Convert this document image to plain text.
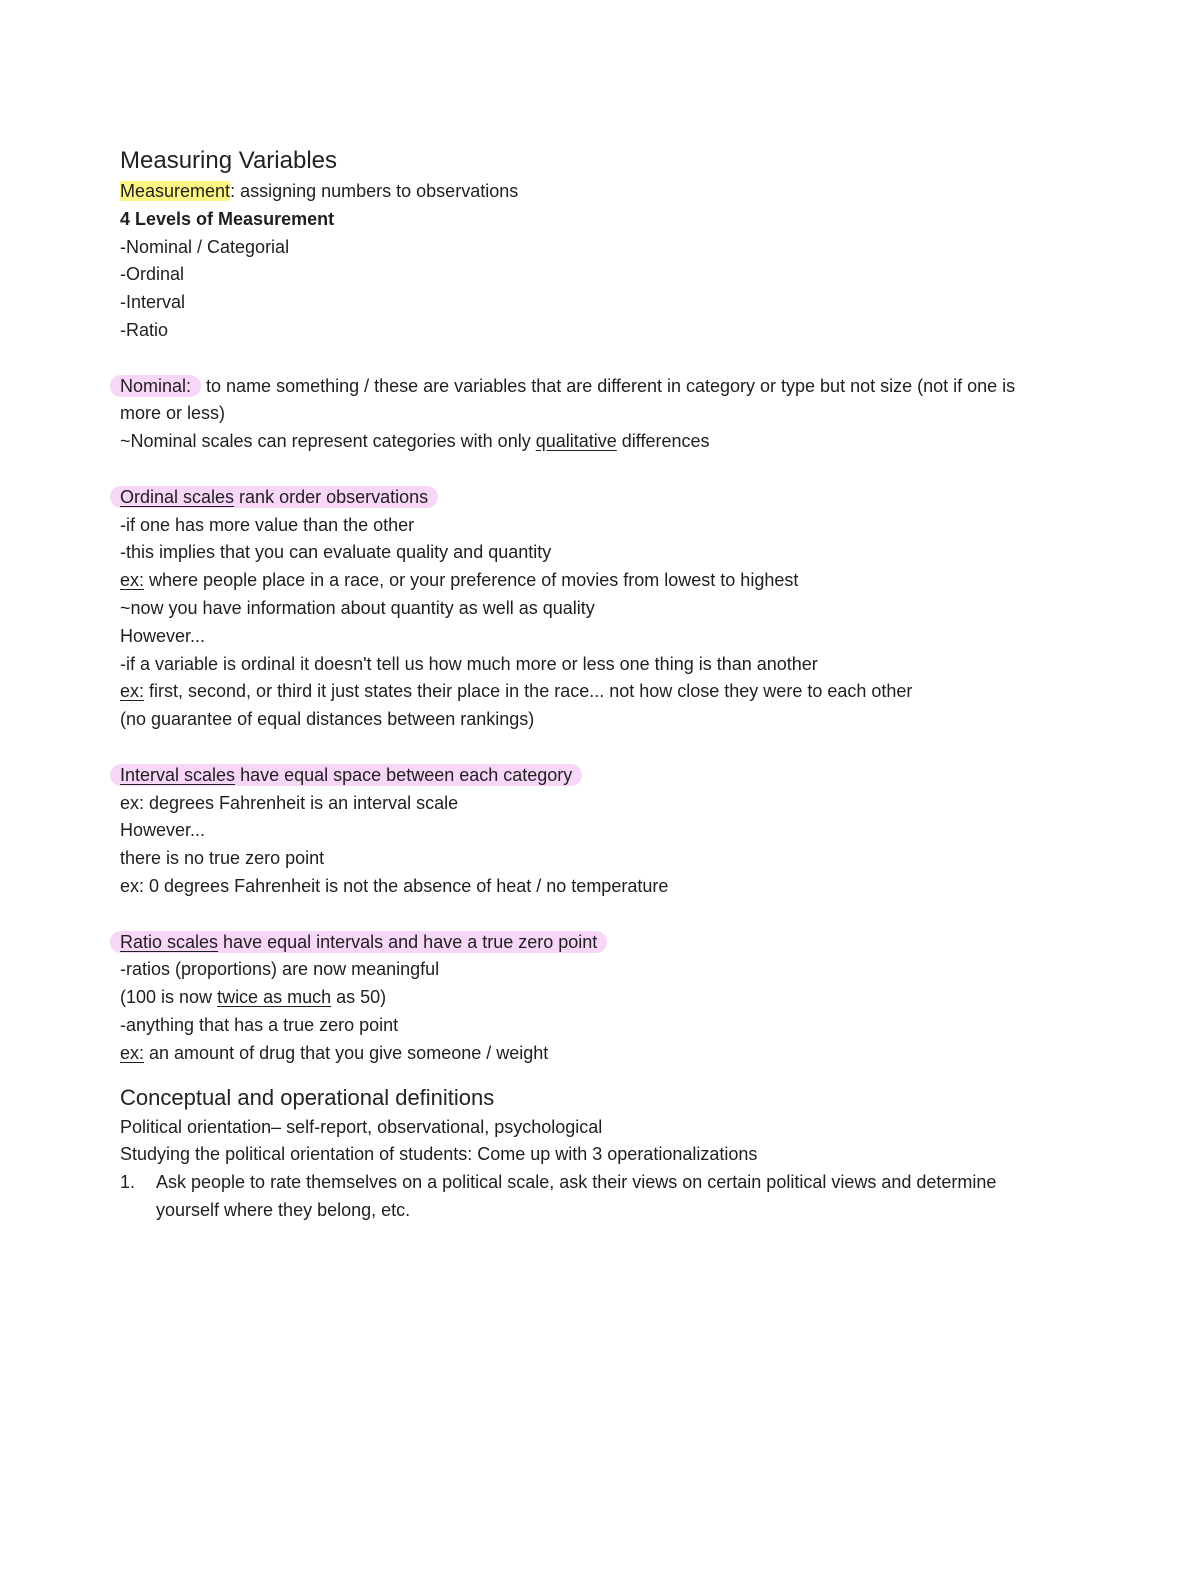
Measuring Variables
Measurement: assigning numbers to observations
4 Levels of Measurement
-Nominal / Categorial
-Ordinal
-Interval
-Ratio
Nominal: to name something / these are variables that are different in category or type but not size (not if one is more or less)
~Nominal scales can represent categories with only qualitative differences
Ordinal scales rank order observations
-if one has more value than the other
-this implies that you can evaluate quality and quantity
ex: where people place in a race, or your preference of movies from lowest to highest
~now you have information about quantity as well as quality
However...
-if a variable is ordinal it doesn't tell us how much more or less one thing is than another
ex: first, second, or third it just states their place in the race... not how close they were to each other
(no guarantee of equal distances between rankings)
Interval scales have equal space between each category
ex: degrees Fahrenheit is an interval scale
However...
there is no true zero point
ex: 0 degrees Fahrenheit is not the absence of heat / no temperature
Ratio scales have equal intervals and have a true zero point
-ratios (proportions) are now meaningful
(100 is now twice as much as 50)
-anything that has a true zero point
ex: an amount of drug that you give someone / weight
Conceptual and operational definitions
Political orientation– self-report, observational, psychological
Studying the political orientation of students: Come up with 3 operationalizations
1.	Ask people to rate themselves on a political scale, ask their views on certain political views and determine yourself where they belong, etc.
